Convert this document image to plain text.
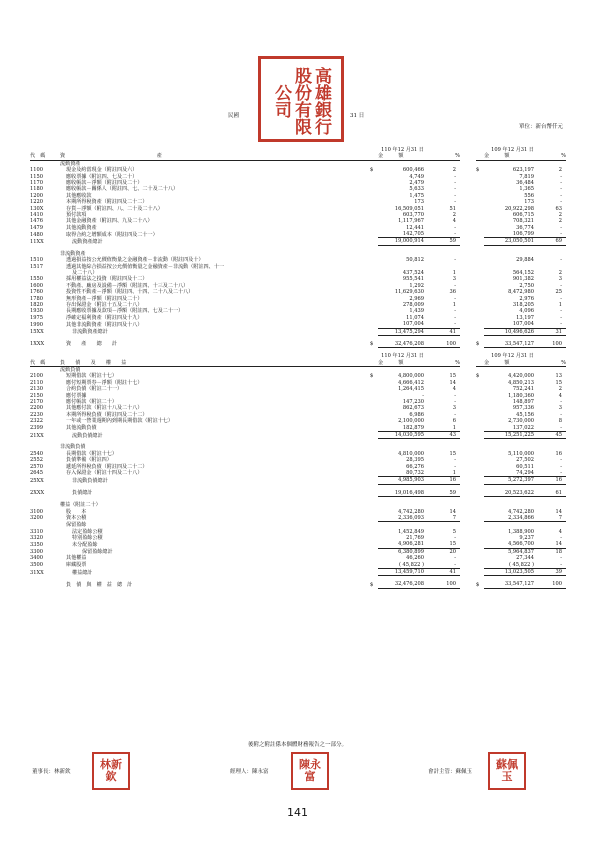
高雄銀行股份有限公司
民國	31 日
單位：新台幣仟元
			110 年12 月31 日				109 年12 月31 日	
代　碼	資　　　　　　　　　　　　　　　　　　產		金　　　額	%			金　　　額	%
	流動資產							
1100	現金及約當現金（附註四及六）	$	600,466	2		$	623,197	2
1150	應收票據（附註四、七及二十）		4,749	-			7,819	-
1170	應收帳款－淨額（附註四及二十）		2,479	-			36,484	-
1180	應收帳款－關係人（附註四、七、二十及二十八）		5,633	-			1,365	-
1200	其他應收款		1,475	-			556	-
1220	本期所得稅資產（附註四及二十二）		173	-			173	-
130X	存貨－淨額（附註四、八、二十及二十八）		16,509,051	51			20,922,298	63
1410	預付款項		603,770	2			606,715	2
1476	其他金融資產（附註四、九及二十八）		1,117,967	4			708,321	2
1479	其他流動資產		12,441	-			36,774	-
1480	取得合約之增額成本（附註四及二十一）		142,705	-			106,799	-
11XX	流動資產總計		19,000,914	59			23,050,501	69

	非流動資產							
1510	透過損益按公允價值衡量之金融資產－非流動（附註四及十）		50,812	-			29,884	-
1517	透過其他綜合損益按公允價值衡量之金融資產－非流動（附註四、十一							
	及二十八）		437,524	1			564,152	2
1550	採用權益法之投資（附註四及十二）		955,541	3			901,382	3
1600	不動產、廠房及設備－淨額（附註四、十三及二十八）		1,292	-			2,750	-
1760	投資性不動產－淨額（附註四、十四、二十八及二十八）		11,629,630	36			8,472,980	25
1780	無形資產－淨額（附註四及二十）		2,969	-			2,976	-
1820	存出保證金（附註十五及二十八）		278,009	1			318,205	1
1930	長期應收票據及款項－淨額（附註四、七及二十一）		1,439	-			4,096	-
1975	淨確定福利資產（附註四及十九）		11,074	-			13,197	-
1990	其他非流動資產（附註四及十八）		107,004	-			107,004	-
15XX	非流動資產總計		13,475,294	41			10,496,626	31

1XXX	資　　產　　總　　計	$	32,476,208	100		$	33,547,127	100

			110 年12 月31 日				109 年12 月31 日	
代　碼	負　　債　　及　　權　　益		金　　　額	%			金　　　額	%
	流動負債							
2100	短期借款（附註十七）	$	4,800,000	15		$	4,420,000	13
2110	應付短期票券－淨額（附註十七）		4,666,412	14			4,850,213	15
2130	合約負債（附註二十一）		1,264,415	4			752,241	2
2150	應付票據		-	-			1,180,360	4
2170	應付帳款（附註二十）		147,230	-			148,897	-
2200	其他應付款（附註十八及二十八）		862,673	3			957,336	3
2230	本期所得稅負債（附註四及二十二）		6,986	-			45,156	-
2322	一年或一營業週期內到期長期借款（附註十七）		2,100,000	6			2,730,000	8
2399	其他流動負債		182,879	1			137,022	-
21XX	流動負債總計		14,030,595	43			15,251,225	45

	非流動負債							
2540	長期借款（附註十七）		4,810,000	15			5,110,000	16
2552	負債準備（附註四）		28,395	-			27,502	-
2570	遞延所得稅負債（附註四及二十二）		66,276	-			60,511	-
2645	存入保證金（附註十四及二十八）		80,732	1			74,294	-
25XX	非流動負債總計		4,985,903	16			5,272,397	16

2XXX	負債總計		19,016,498	59			20,523,622	61

	權益（附註二十）							
3100	股　　本		4,742,280	14			4,742,280	14
3200	資本公積		2,336,093	7			2,334,866	7
	保留盈餘							
3310	法定盈餘公積		1,452,849	5			1,388,900	4
3320	特別盈餘公積		21,769	-			9,237	-
3350	未分配盈餘		4,906,281	15			4,566,700	14
3300	保留盈餘總計		6,380,899	20			5,964,837	18
3400	其他權益		46,260	-			27,344	-
3500	庫藏股票		( 45,822 )	-			( 45,822 )	-
31XX	權益總計		13,459,710	41			13,023,505	39

	負　債　與　權　益　總　計	$	32,476,208	100		$	33,547,127	100
後附之附註係本個體財務報告之一部分。
董事長：林新欽
林新欽	經理人：陳永富
陳永富	會計主管：蘇佩玉
蘇佩玉
141
